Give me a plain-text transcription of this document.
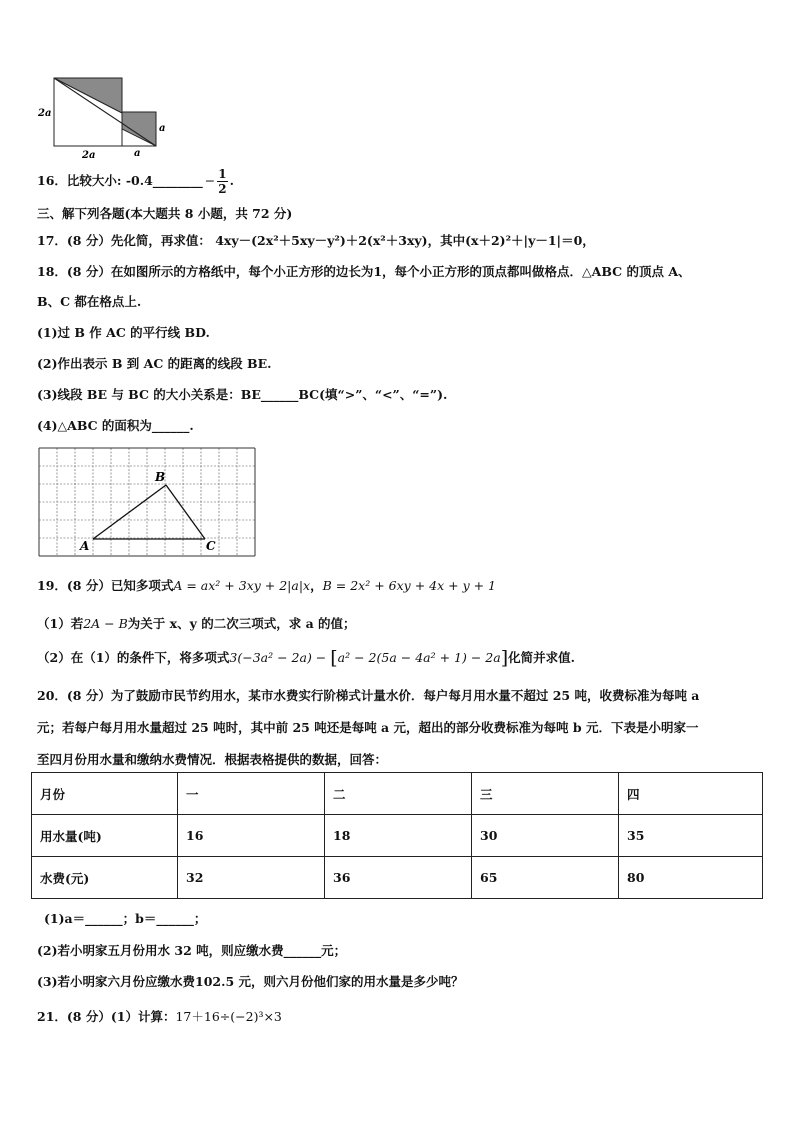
2a
2a	a
a
16．比较大小: -0.4________ − $\frac{1}{2}$ .
三、解下列各题(本大题共 8 小题，共 72 分)
17．(8 分）先化简，再求值： 4xy－(2x²＋5xy－y²)＋2(x²＋3xy)，其中(x＋2)²＋|y－1|＝0，
18．(8 分）在如图所示的方格纸中，每个小正方形的边长为1，每个小正方形的顶点都叫做格点．△ABC 的顶点 A、
B、C 都在格点上.
(1)过 B 作 AC 的平行线 BD.
(2)作出表示 B 到 AC 的距离的线段 BE.
(3)线段 BE 与 BC 的大小关系是：BE______BC(填“>”、“<”、“=”).
(4)△ABC 的面积为______.
A
B
C
19．(8 分）已知多项式A = ax² + 3xy + 2|a|x，B = 2x² + 6xy + 4x + y + 1
（1）若2A − B为关于 x、y 的二次三项式，求 a 的值；
（2）在（1）的条件下，将多项式3(−3a² − 2a) − [a² − 2(5a − 4a² + 1) − 2a]化简并求值.
20．(8 分）为了鼓励市民节约用水，某市水费实行阶梯式计量水价．每户每月用水量不超过 25 吨，收费标准为每吨 a
元；若每户每月用水量超过 25 吨时，其中前 25 吨还是每吨 a 元，超出的部分收费标准为每吨 b 元．下表是小明家一
至四月份用水量和缴纳水费情况．根据表格提供的数据，回答：
月份	一	二	三	四
用水量(吨)	16	18	30	35
水费(元)	32	36	65	80
(1)a＝______；b＝______；
(2)若小明家五月份用水 32 吨，则应缴水费______元；
(3)若小明家六月份应缴水费102.5 元，则六月份他们家的用水量是多少吨？
21．(8 分）(1）计算：17＋16÷(−2)³×3
